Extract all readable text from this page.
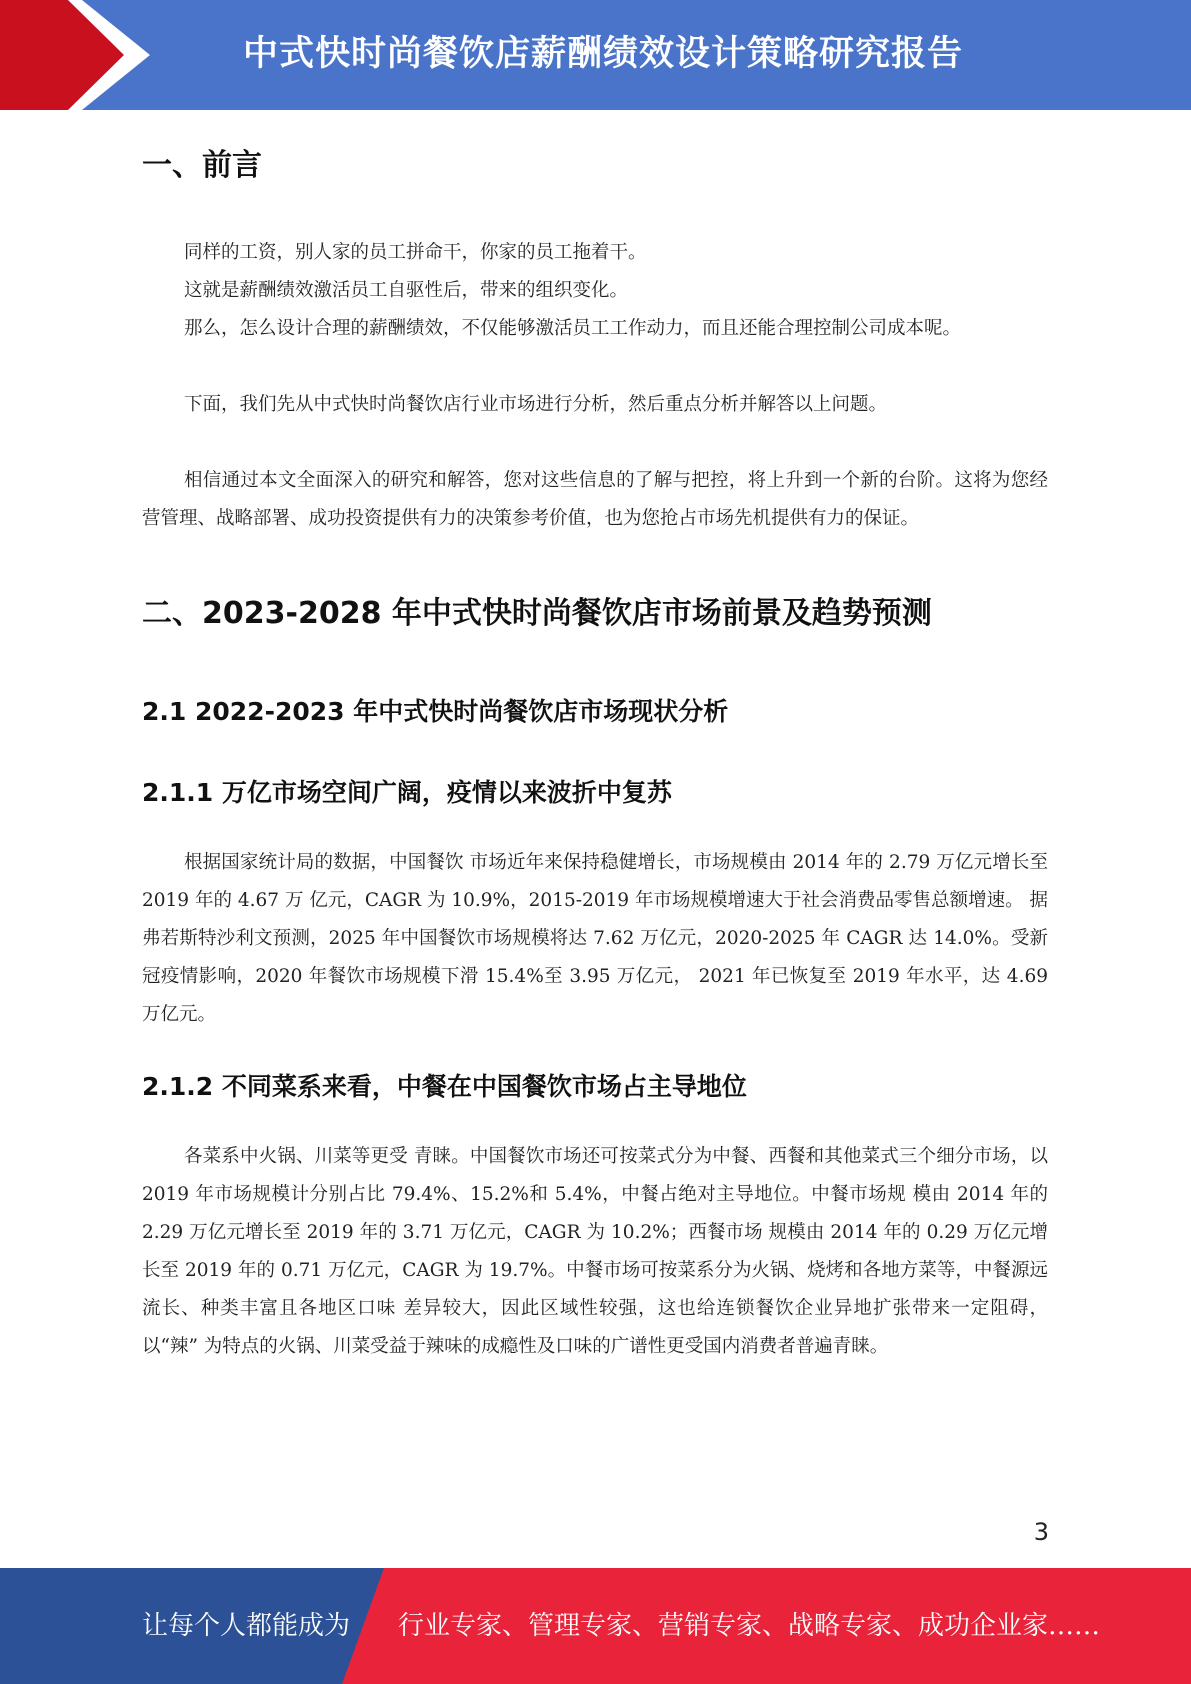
中式快时尚餐饮店薪酬绩效设计策略研究报告
一、前言

同样的工资，别人家的员工拼命干，你家的员工拖着干。

这就是薪酬绩效激活员工自驱性后，带来的组织变化。

那么，怎么设计合理的薪酬绩效，不仅能够激活员工工作动力，而且还能合理控制公司成本呢。

下面，我们先从中式快时尚餐饮店行业市场进行分析，然后重点分析并解答以上问题。

相信通过本文全面深入的研究和解答，您对这些信息的了解与把控，将上升到一个新的台阶。这将为您经营管理、战略部署、成功投资提供有力的决策参考价值，也为您抢占市场先机提供有力的保证。

二、2023-2028 年中式快时尚餐饮店市场前景及趋势预测
2.1 2022-2023 年中式快时尚餐饮店市场现状分析
2.1.1 万亿市场空间广阔，疫情以来波折中复苏

根据国家统计局的数据，中国餐饮 市场近年来保持稳健增长，市场规模由 2014 年的 2.79 万亿元增长至 2019 年的 4.67 万 亿元，CAGR 为 10.9%，2015-2019 年市场规模增速大于社会消费品零售总额增速。 据弗若斯特沙利文预测，2025 年中国餐饮市场规模将达 7.62 万亿元，2020-2025 年 CAGR 达 14.0%。受新冠疫情影响，2020 年餐饮市场规模下滑 15.4%至 3.95 万亿元， 2021 年已恢复至 2019 年水平，达 4.69 万亿元。

2.1.2 不同菜系来看，中餐在中国餐饮市场占主导地位

各菜系中火锅、川菜等更受 青睐。中国餐饮市场还可按菜式分为中餐、西餐和其他菜式三个细分市场，以 2019 年市场规模计分别占比 79.4%、15.2%和 5.4%，中餐占绝对主导地位。中餐市场规 模由 2014 年的 2.29 万亿元增长至 2019 年的 3.71 万亿元，CAGR 为 10.2%；西餐市场 规模由 2014 年的 0.29 万亿元增长至 2019 年的 0.71 万亿元，CAGR 为 19.7%。中餐市场可按菜系分为火锅、烧烤和各地方菜等，中餐源远流长、种类丰富且各地区口味 差异较大，因此区域性较强，这也给连锁餐饮企业异地扩张带来一定阻碍，以“辣” 为特点的火锅、川菜受益于辣味的成瘾性及口味的广谱性更受国内消费者普遍青睐。

3
让每个人都能成为 行业专家、管理专家、营销专家、战略专家、成功企业家……
